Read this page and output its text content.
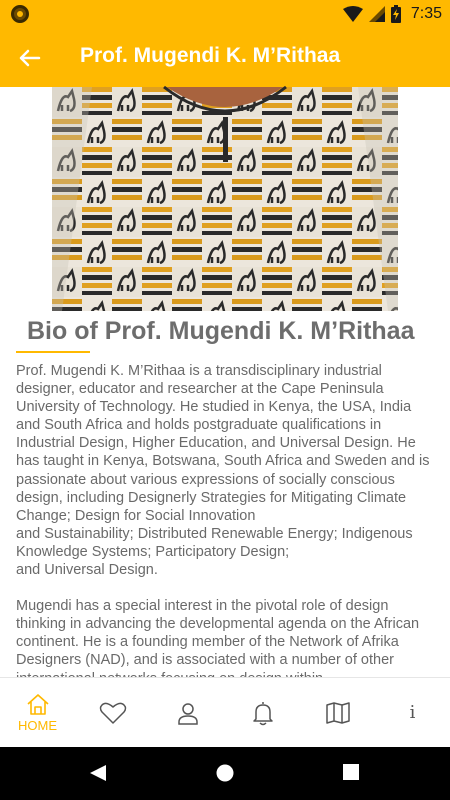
7:35
Prof. Mugendi K. M’Rithaa
Bio of Prof. Mugendi K. M’Rithaa

Prof. Mugendi K. M’Rithaa is a transdisciplinary industrial designer, educator and researcher at the Cape Peninsula University of Technology. He studied in Kenya, the USA, India and South Africa and holds postgraduate qualifications in Industrial Design, Higher Education, and Universal Design. He has taught in Kenya, Botswana, South Africa and Sweden and is passionate about various expressions of socially conscious design, including Designerly Strategies for Mitigating Climate Change; Design for Social Innovation
and Sustainability; Distributed Renewable Energy; Indigenous Knowledge Systems; Participatory Design;
and Universal Design.

Mugendi has a special interest in the pivotal role of design thinking in advancing the developmental agenda on the African continent. He is a founding member of the Network of Afrika Designers (NAD), and is associated with a number of other

HOME
i
